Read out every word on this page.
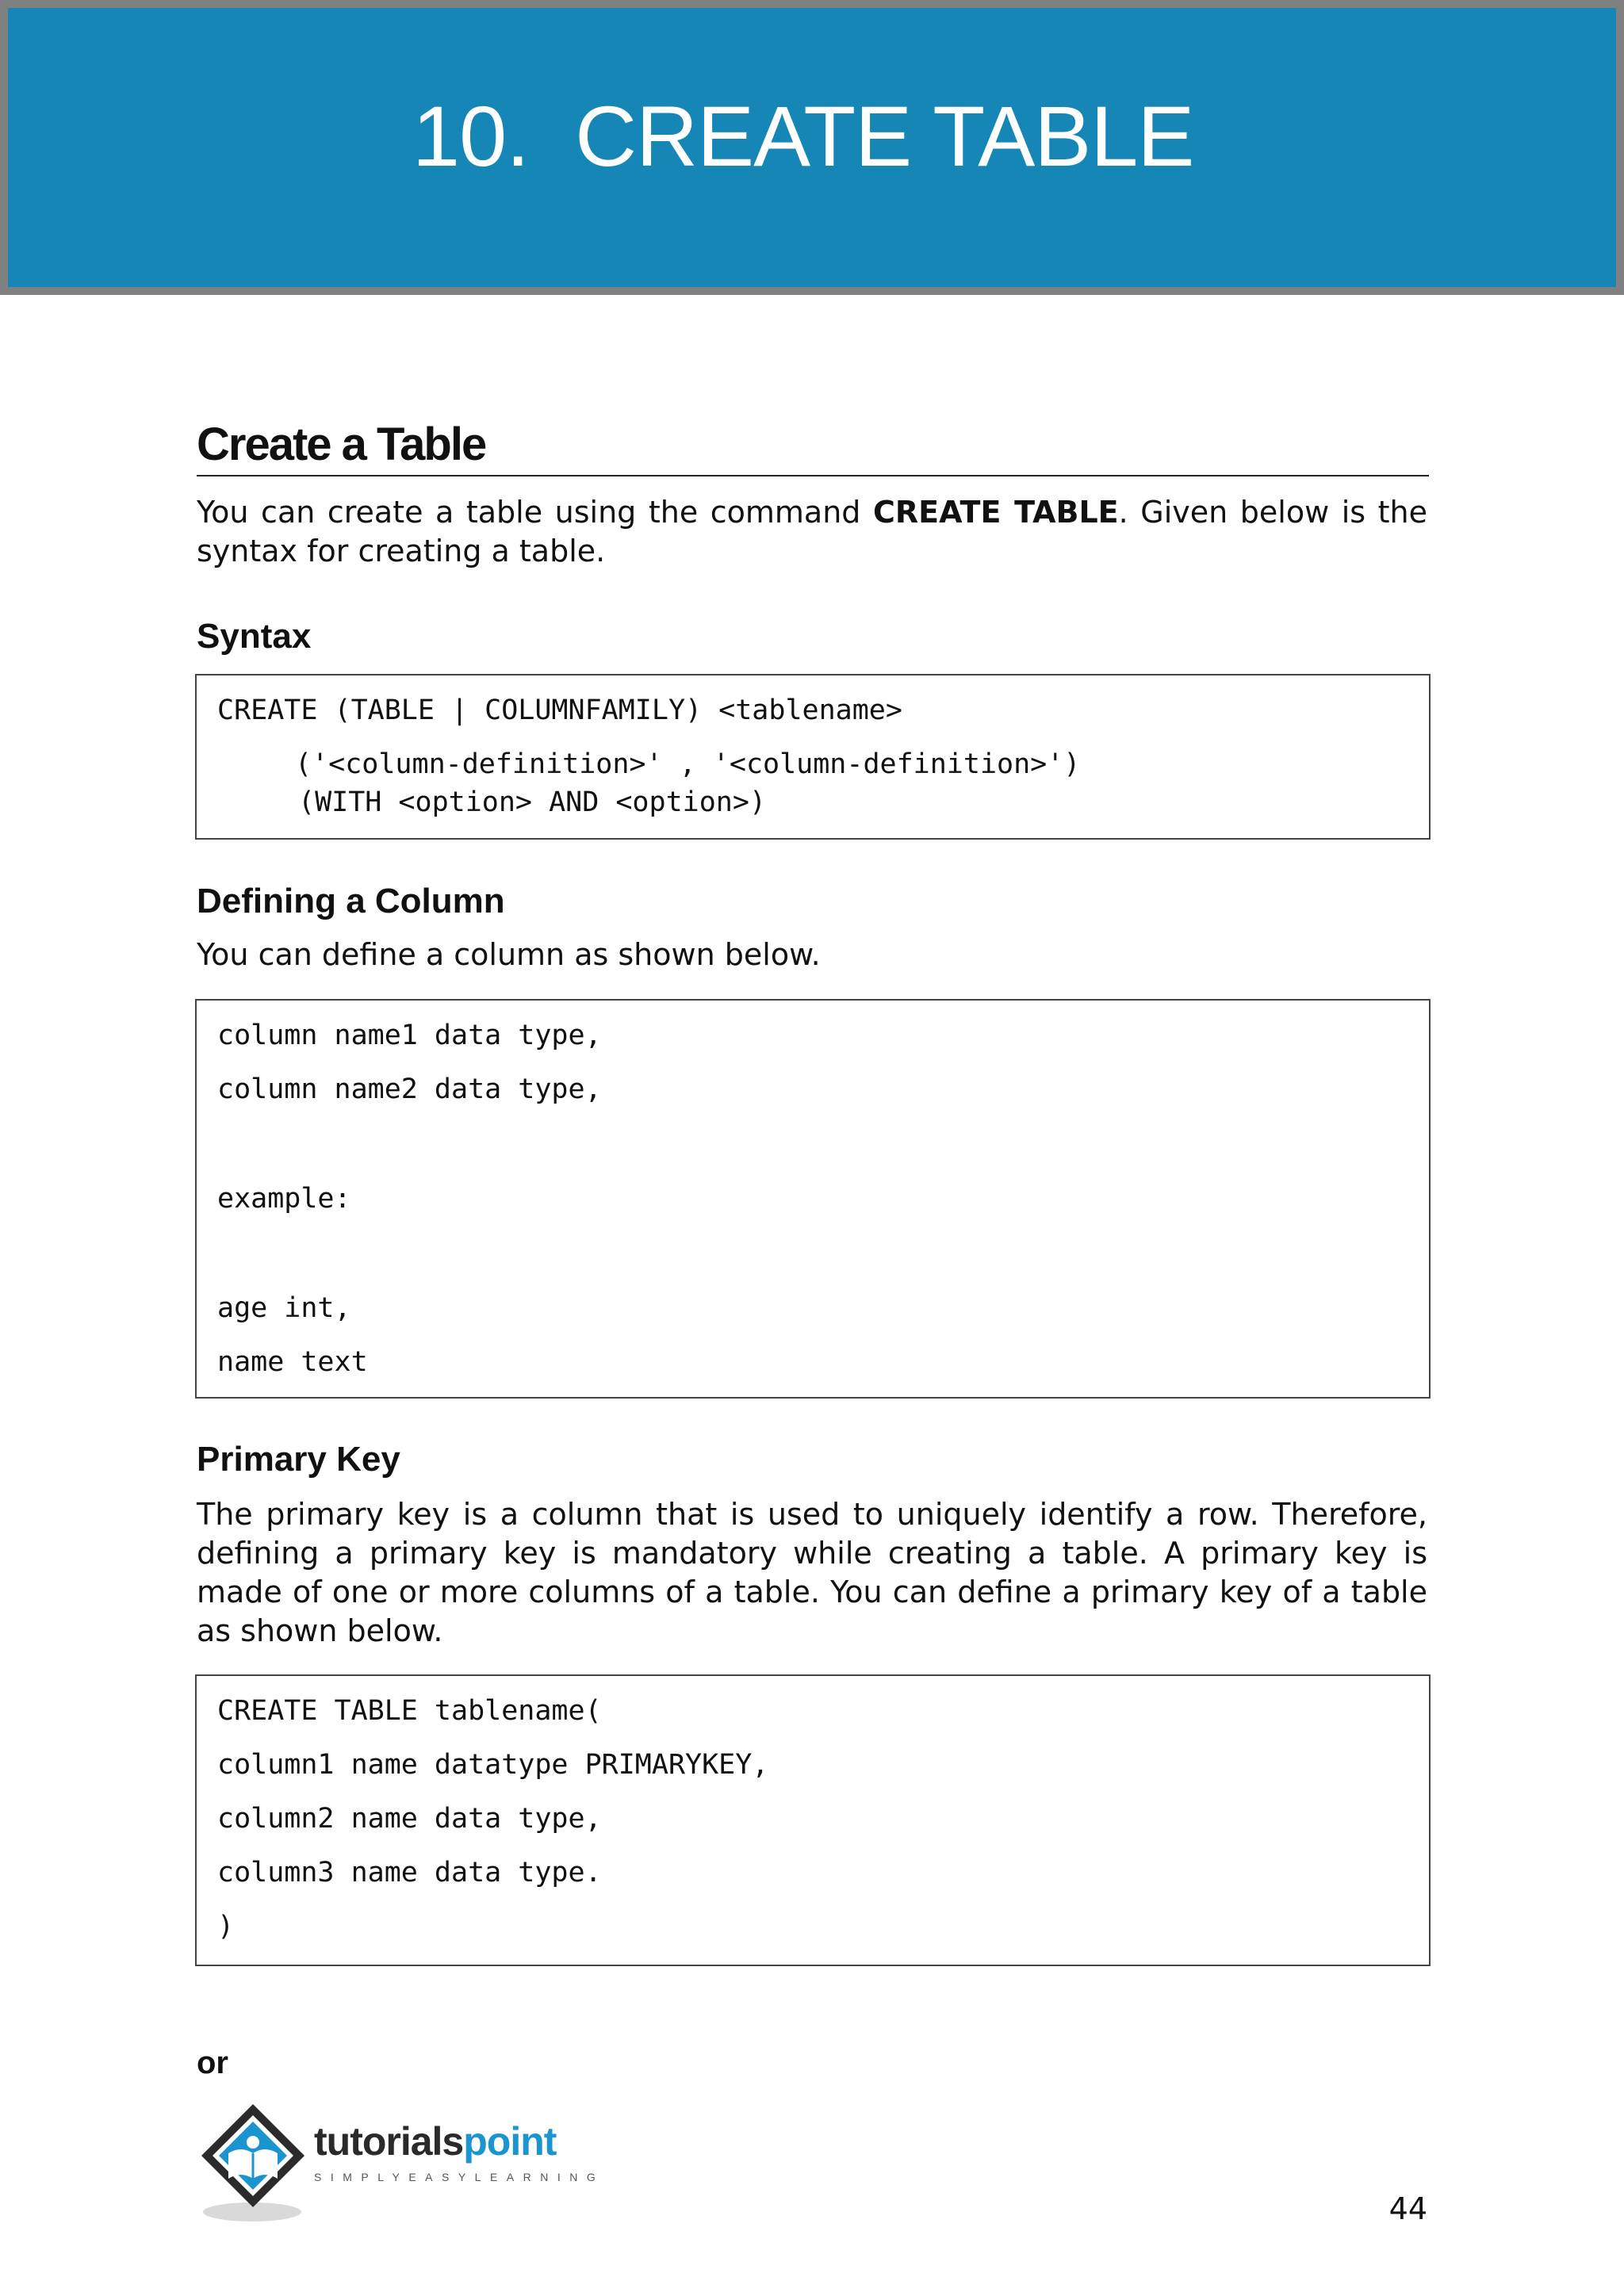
10. CREATE TABLE
Create a Table

You can create a table using the command CREATE TABLE. Given below is the syntax for creating a table.

Syntax
CREATE (TABLE | COLUMNFAMILY) <tablename>
('<column-definition>' , '<column-definition>')
(WITH <option> AND <option>)
Defining a Column

You can define a column as shown below.

column name1 data type,
column name2 data type,
example:
age int,
name text
Primary Key

The primary key is a column that is used to uniquely identify a row. Therefore, defining a primary key is mandatory while creating a table. A primary key is made of one or more columns of a table. You can define a primary key of a table as shown below.

CREATE TABLE tablename(
column1 name datatype PRIMARYKEY,
column2 name data type,
column3 name data type.
)
or
tutorialspoint
SIMPLYEASYLEARNING
44
